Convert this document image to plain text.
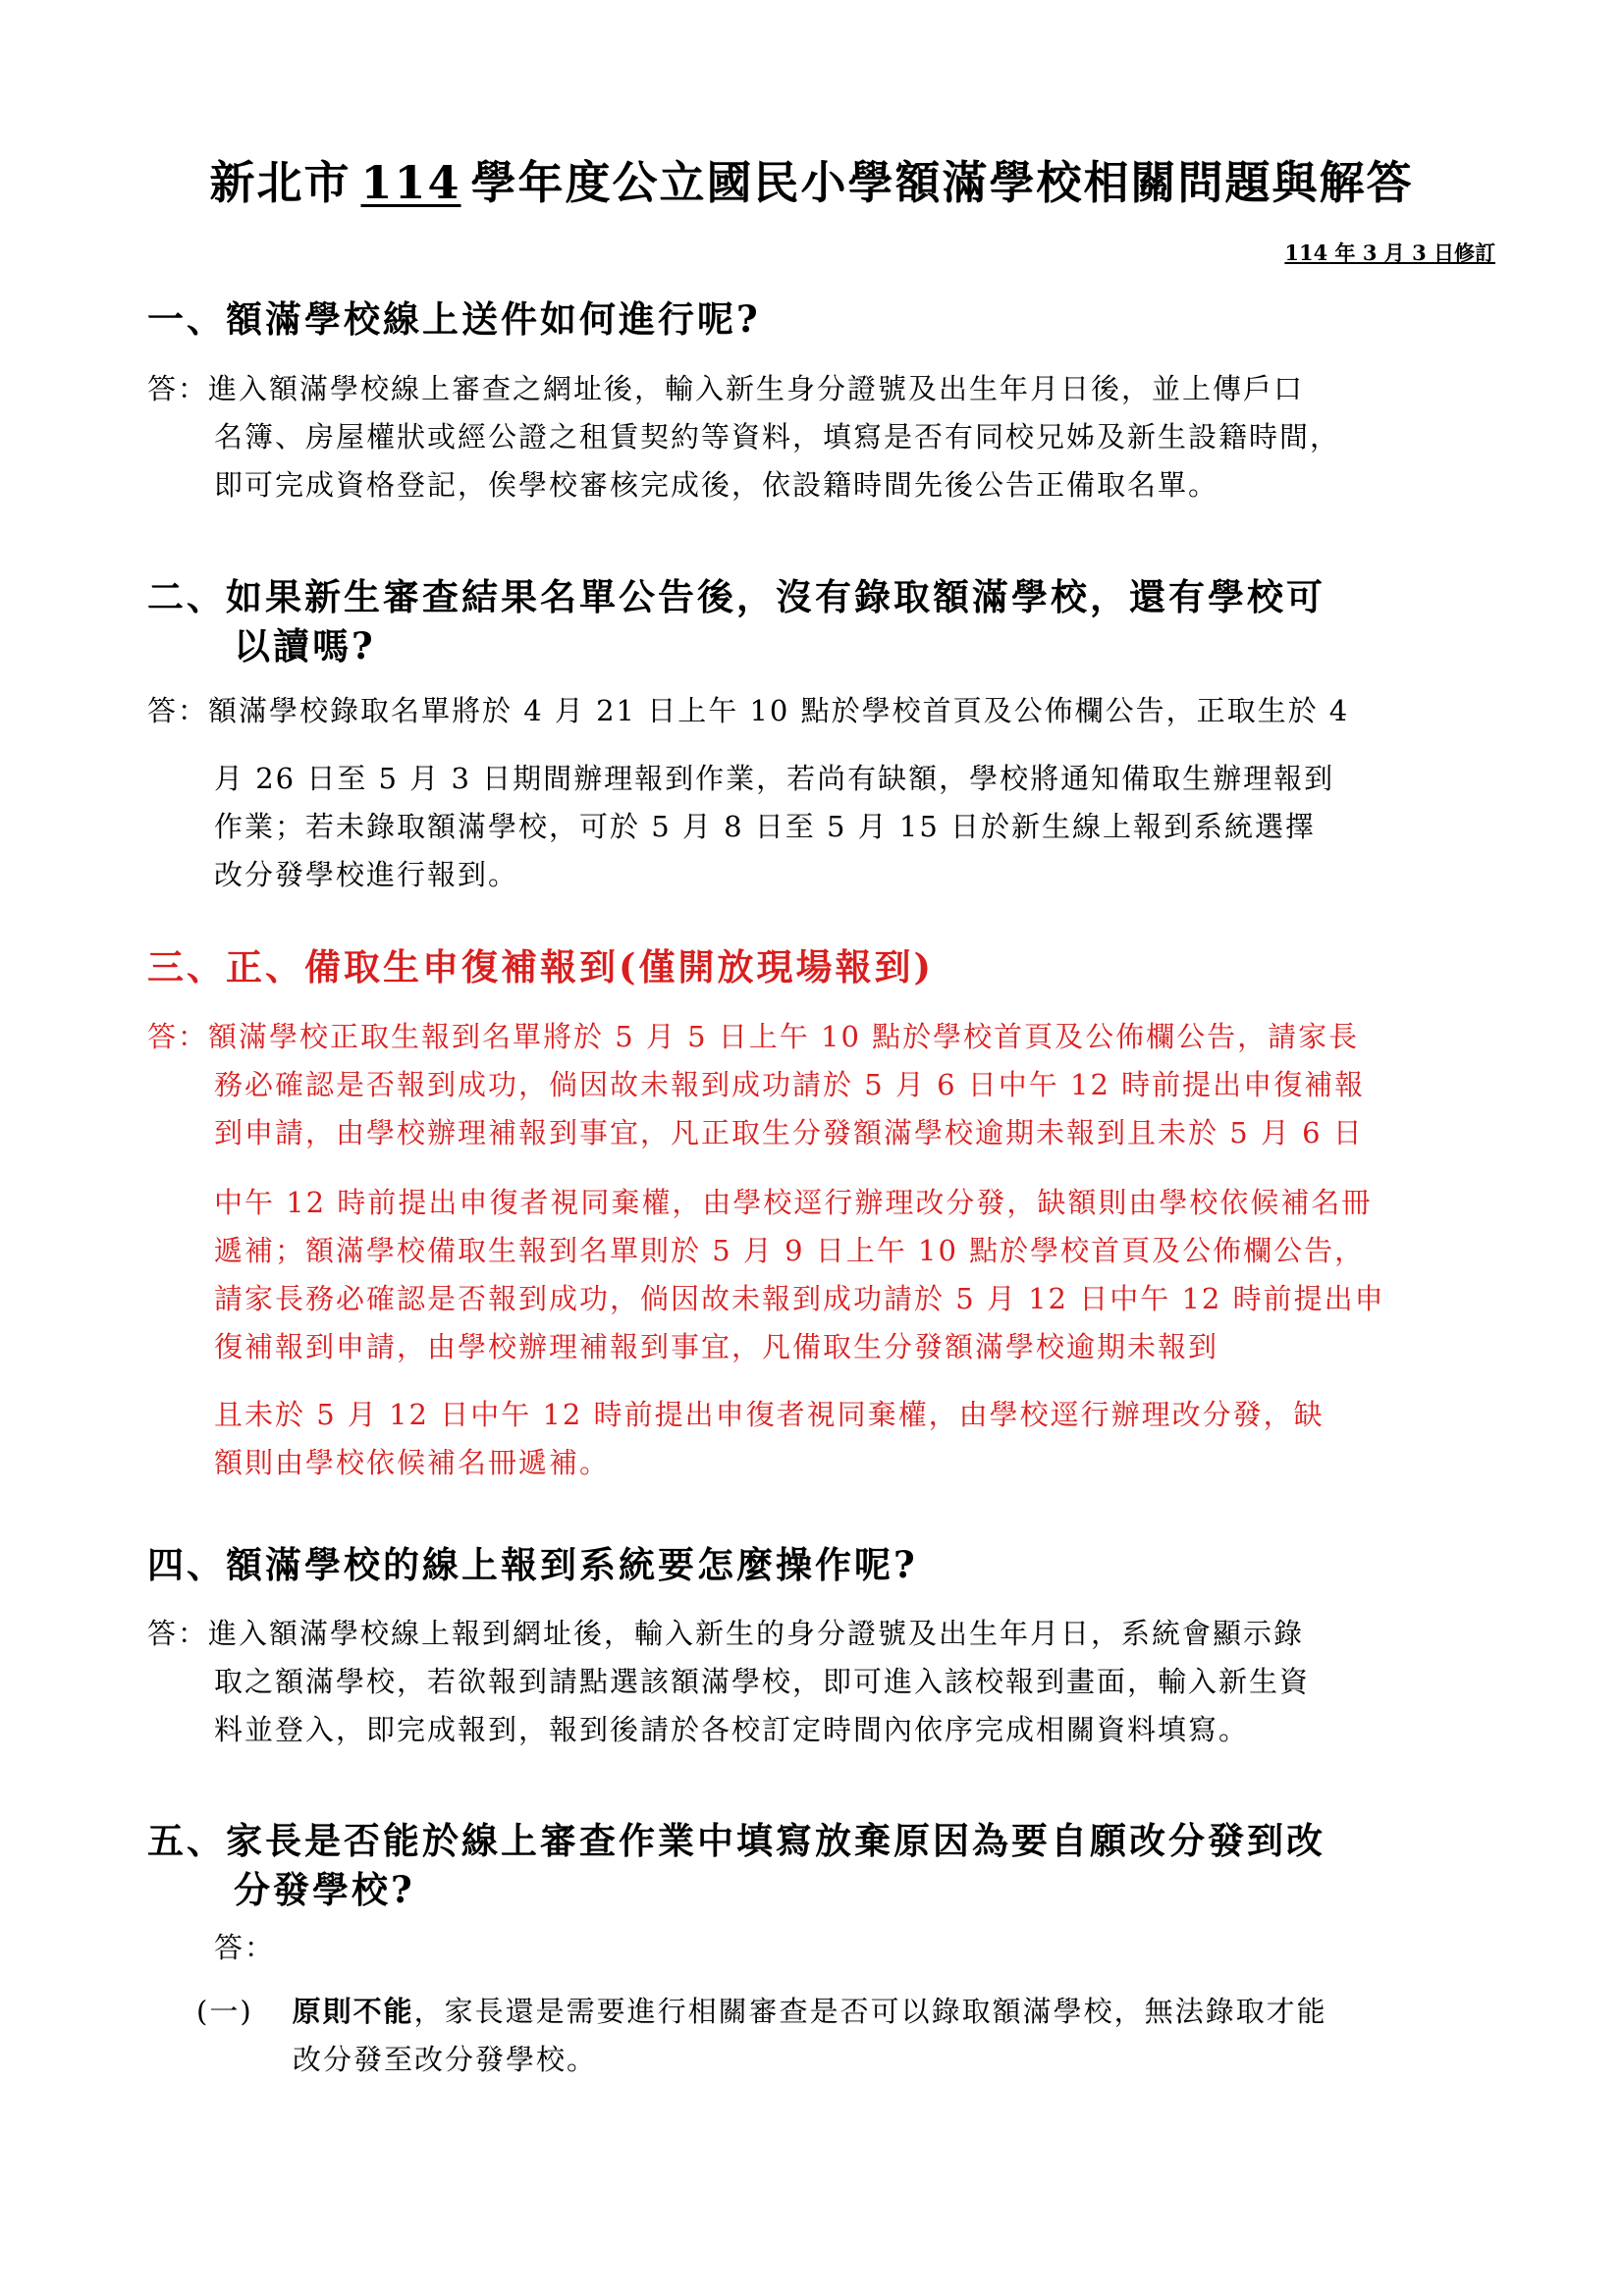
新北市 114 學年度公立國民小學額滿學校相關問題與解答
114 年 3 月 3 日修訂
一、額滿學校線上送件如何進行呢?
答：進入額滿學校線上審查之網址後，輸入新生身分證號及出生年月日後，並上傳戶口
名簿、房屋權狀或經公證之租賃契約等資料，填寫是否有同校兄姊及新生設籍時間，
即可完成資格登記，俟學校審核完成後，依設籍時間先後公告正備取名單。
二、如果新生審查結果名單公告後，沒有錄取額滿學校，還有學校可
以讀嗎?
答：額滿學校錄取名單將於 4 月 21 日上午 10 點於學校首頁及公佈欄公告，正取生於 4
月 26 日至 5 月 3 日期間辦理報到作業，若尚有缺額，學校將通知備取生辦理報到
作業；若未錄取額滿學校，可於 5 月 8 日至 5 月 15 日於新生線上報到系統選擇
改分發學校進行報到。
三、正、備取生申復補報到(僅開放現場報到)
答：額滿學校正取生報到名單將於 5 月 5 日上午 10 點於學校首頁及公佈欄公告，請家長
務必確認是否報到成功，倘因故未報到成功請於 5 月 6 日中午 12 時前提出申復補報
到申請，由學校辦理補報到事宜，凡正取生分發額滿學校逾期未報到且未於 5 月 6 日
中午 12 時前提出申復者視同棄權，由學校逕行辦理改分發，缺額則由學校依候補名冊
遞補；額滿學校備取生報到名單則於 5 月 9 日上午 10 點於學校首頁及公佈欄公告，
請家長務必確認是否報到成功，倘因故未報到成功請於 5 月 12 日中午 12 時前提出申
復補報到申請，由學校辦理補報到事宜，凡備取生分發額滿學校逾期未報到
且未於 5 月 12 日中午 12 時前提出申復者視同棄權，由學校逕行辦理改分發，缺
額則由學校依候補名冊遞補。
四、額滿學校的線上報到系統要怎麼操作呢?
答：進入額滿學校線上報到網址後，輸入新生的身分證號及出生年月日，系統會顯示錄
取之額滿學校，若欲報到請點選該額滿學校，即可進入該校報到畫面，輸入新生資
料並登入，即完成報到，報到後請於各校訂定時間內依序完成相關資料填寫。
五、家長是否能於線上審查作業中填寫放棄原因為要自願改分發到改
分發學校?
答：
(一) 原則不能，家長還是需要進行相關審查是否可以錄取額滿學校，無法錄取才能
改分發至改分發學校。
